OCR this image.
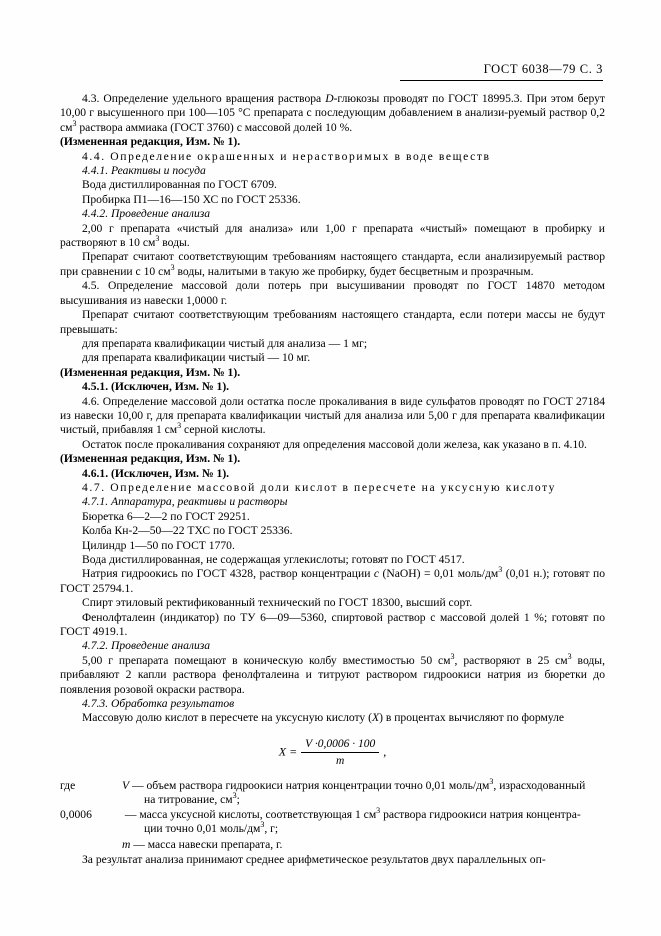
ГОСТ 6038—79 С. 3

4.3. Определение удельного вращения раствора D-глюкозы проводят по ГОСТ 18995.3. При этом берут 10,00 г высушенного при 100—105 °С препарата с последующим добавлением в анализи-руемый раствор 0,2 $см^3$ раствора аммиака (ГОСТ 3760) с массовой долей 10 %.

(Измененная редакция, Изм. № 1).

4.4. Определение окрашенных и нерастворимых в воде веществ

4.4.1. Реактивы и посуда

Вода дистиллированная по ГОСТ 6709.

Пробирка П1—16—150 ХС по ГОСТ 25336.

4.4.2. Проведение анализа

2,00 г препарата «чистый для анализа» или 1,00 г препарата «чистый» помещают в пробирку и растворяют в 10 $см^3$ воды.

Препарат считают соответствующим требованиям настоящего стандарта, если анализируемый раствор при сравнении с 10 $см^3$ воды, налитыми в такую же пробирку, будет бесцветным и прозрачным.

4.5. Определение массовой доли потерь при высушивании проводят по ГОСТ 14870 методом высушивания из навески 1,0000 г.

Препарат считают соответствующим требованиям настоящего стандарта, если потери массы не будут превышать:

для препарата квалификации чистый для анализа — 1 мг;

для препарата квалификации чистый — 10 мг.

(Измененная редакция, Изм. № 1).

4.5.1. (Исключен, Изм. № 1).

4.6. Определение массовой доли остатка после прокаливания в виде сульфатов проводят по ГОСТ 27184 из навески 10,00 г, для препарата квалификации чистый для анализа или 5,00 г для препарата квалификации чистый, прибавляя 1 $см^3$ серной кислоты.

Остаток после прокаливания сохраняют для определения массовой доли железа, как указано в п. 4.10.

(Измененная редакция, Изм. № 1).

4.6.1. (Исключен, Изм. № 1).

4.7. Определение массовой доли кислот в пересчете на уксусную кислоту

4.7.1. Аппаратура, реактивы и растворы

Бюретка 6—2—2 по ГОСТ 29251.

Колба Кн-2—50—22 ТХС по ГОСТ 25336.

Цилиндр 1—50 по ГОСТ 1770.

Вода дистиллированная, не содержащая углекислоты; готовят по ГОСТ 4517.

Натрия гидроокись по ГОСТ 4328, раствор концентрации c (NaOH) = 0,01 моль/$дм^3$ (0,01 н.); готовят по ГОСТ 25794.1.

Спирт этиловый ректификованный технический по ГОСТ 18300, высший сорт.

Фенолфталеин (индикатор) по ТУ 6—09—5360, спиртовой раствор с массовой долей 1 %; готовят по ГОСТ 4919.1.

4.7.2. Проведение анализа

5,00 г препарата помещают в коническую колбу вместимостью 50 $см^3$, растворяют в 25 $см^3$ воды, прибавляют 2 капли раствора фенолфталеина и титруют раствором гидроокиси натрия из бюретки до появления розовой окраски раствора.

4.7.3. Обработка результатов

Массовую долю кислот в пересчете на уксусную кислоту (X) в процентах вычисляют по формуле

$X = \frac{V \cdot 0,0006 \cdot 100}{m}$ ,

где	V — объем раствора гидроокиси натрия концентрации точно 0,01 моль/$дм^3$, израсходованный

на титрование, $см^3$;

0,0006	— масса уксусной кислоты, соответствующая 1 $см^3$ раствора гидроокиси натрия концентра-

ции точно 0,01 моль/$дм^3$, г;

m — масса навески препарата, г.

За результат анализа принимают среднее арифметическое результатов двух параллельных оп-
